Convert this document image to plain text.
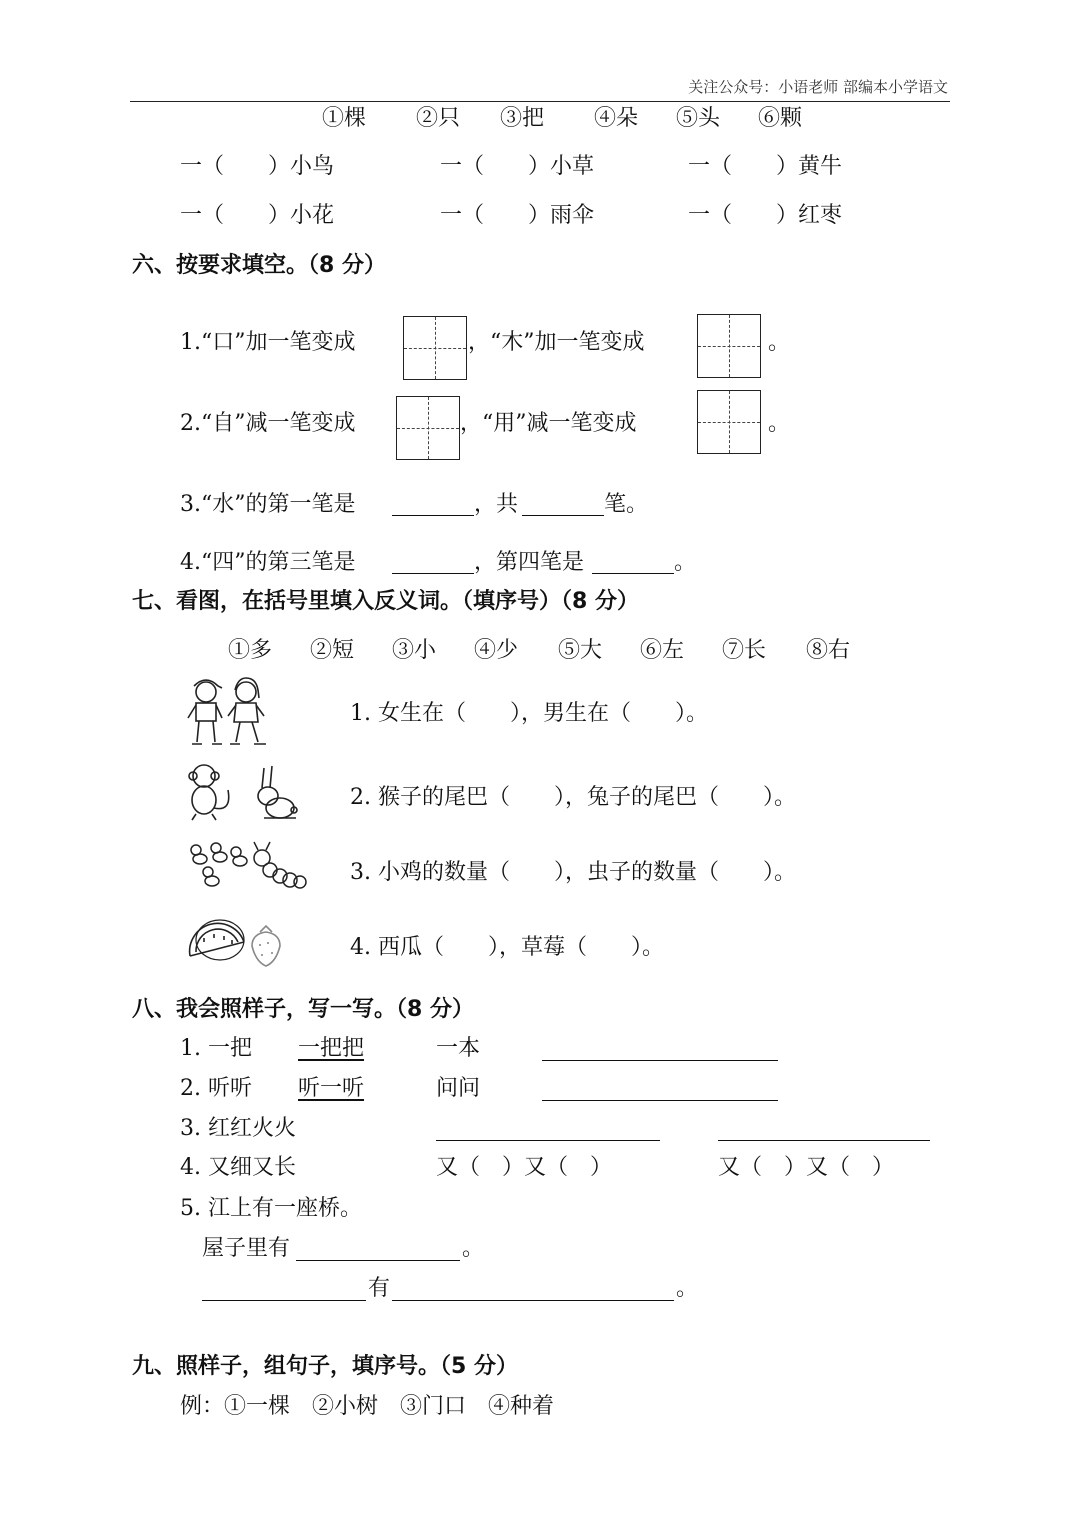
关注公众号：小语老师 部编本小学语文
①棵 ②只 ③把 ④朵 ⑤头 ⑥颗
一（　　）小鸟	一（　　）小草	一（　　）黄牛
一（　　）小花	一（　　）雨伞	一（　　）红枣
六、按要求填空。（8 分）
1.“口”加一笔变成	，“木”加一笔变成	。
2.“自”减一笔变成	，“用”减一笔变成	。
3.“水”的第一笔是	，共	笔。
4.“四”的第三笔是	，第四笔是	。
七、看图，在括号里填入反义词。（填序号）（8 分）
①多 ②短 ③小 ④少 ⑤大 ⑥左 ⑦长 ⑧右
1. 女生在（　　），男生在（　　）。
2. 猴子的尾巴（　　），兔子的尾巴（　　）。
3. 小鸡的数量（　　），虫子的数量（　　）。
4. 西瓜（　　），草莓（　　）。
八、我会照样子，写一写。（8 分）
1. 一把 一把把	一本
2. 听听 听一听	问问
3. 红红火火
4. 又细又长	又（　）又（　）	又（　）又（　）
5. 江上有一座桥。
屋子里有	。
有	。
九、照样子，组句子，填序号。（5 分）
例：①一棵　②小树　③门口　④种着
